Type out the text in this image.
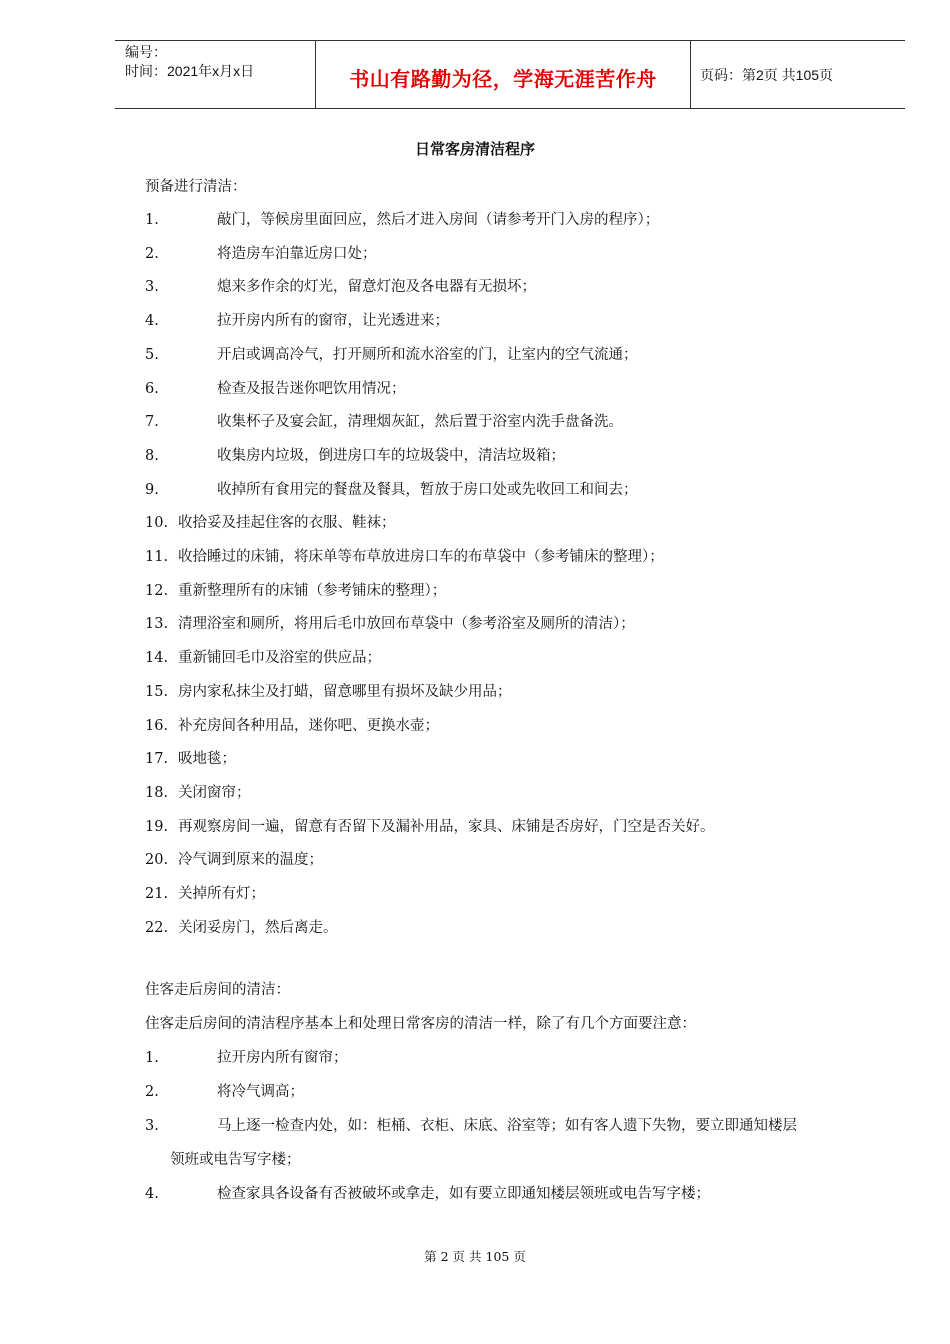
编号：
时间：2021年x月x日	书山有路勤为径，学海无涯苦作舟	页码：第2页 共105页
日常客房清洁程序
预备进行清洁：
1.	敲门，等候房里面回应，然后才进入房间（请参考开门入房的程序）；
2.	将造房车泊靠近房口处；
3.	熄来多作余的灯光，留意灯泡及各电器有无损坏；
4.	拉开房内所有的窗帘，让光透进来；
5.	开启或调高冷气，打开厕所和流水浴室的门，让室内的空气流通；
6.	检查及报告迷你吧饮用情况；
7.	收集杯子及宴会缸，清理烟灰缸，然后置于浴室内洗手盘备洗。
8.	收集房内垃圾，倒进房口车的垃圾袋中，清洁垃圾箱；
9.	收掉所有食用完的餐盘及餐具，暂放于房口处或先收回工和间去；
10. 收拾妥及挂起住客的衣服、鞋袜；
11. 收拾睡过的床铺，将床单等布草放进房口车的布草袋中（参考铺床的整理）；
12. 重新整理所有的床铺（参考铺床的整理）；
13. 清理浴室和厕所，将用后毛巾放回布草袋中（参考浴室及厕所的清洁）；
14. 重新铺回毛巾及浴室的供应品；
15. 房内家私抹尘及打蜡，留意哪里有损坏及缺少用品；
16. 补充房间各种用品，迷你吧、更换水壶；
17. 吸地毯；
18. 关闭窗帘；
19. 再观察房间一遍，留意有否留下及漏补用品，家具、床铺是否房好，门空是否关好。
20. 冷气调到原来的温度；
21. 关掉所有灯；
22. 关闭妥房门，然后离走。
住客走后房间的清洁：
住客走后房间的清洁程序基本上和处理日常客房的清洁一样，除了有几个方面要注意：
1.	拉开房内所有窗帘；
2.	将冷气调高；
3.	马上逐一检查内处，如：柜桶、衣柜、床底、浴室等；如有客人遗下失物，要立即通知楼层
领班或电告写字楼；
4.	检查家具各设备有否被破坏或拿走，如有要立即通知楼层领班或电告写字楼；
第 2 页 共 105 页
